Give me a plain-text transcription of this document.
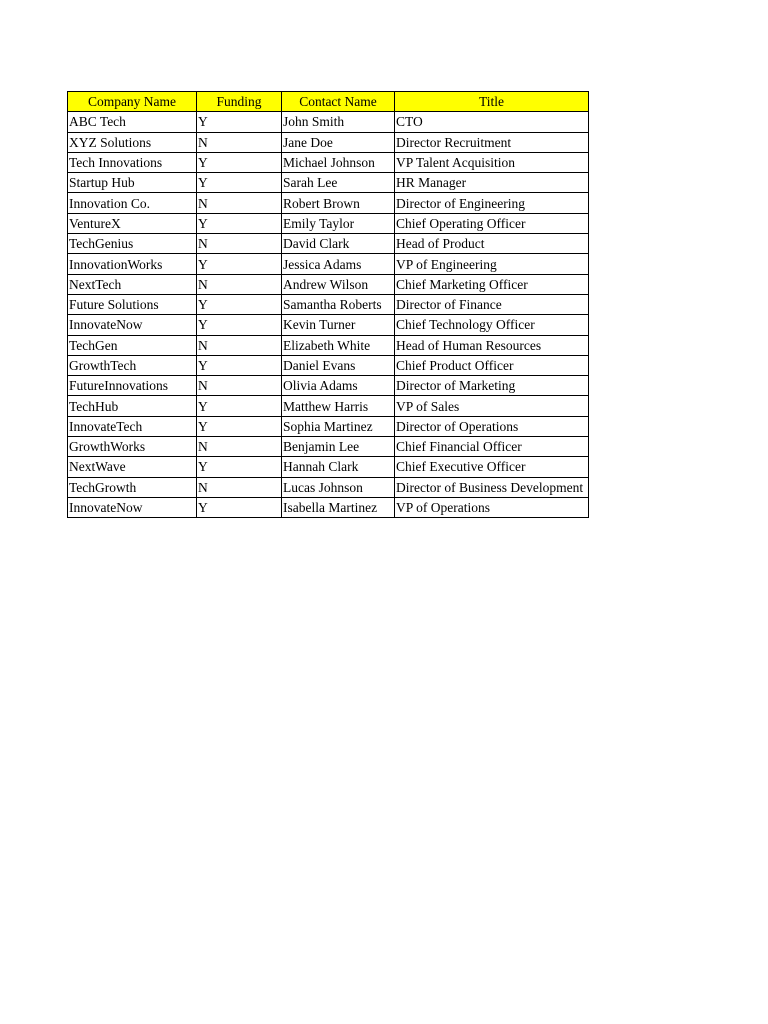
Company Name	Funding	Contact Name	Title
ABC Tech	Y	John Smith	CTO
XYZ Solutions	N	Jane Doe	Director Recruitment
Tech Innovations	Y	Michael Johnson	VP Talent Acquisition
Startup Hub	Y	Sarah Lee	HR Manager
Innovation Co.	N	Robert Brown	Director of Engineering
VentureX	Y	Emily Taylor	Chief Operating Officer
TechGenius	N	David Clark	Head of Product
InnovationWorks	Y	Jessica Adams	VP of Engineering
NextTech	N	Andrew Wilson	Chief Marketing Officer
Future Solutions	Y	Samantha Roberts	Director of Finance
InnovateNow	Y	Kevin Turner	Chief Technology Officer
TechGen	N	Elizabeth White	Head of Human Resources
GrowthTech	Y	Daniel Evans	Chief Product Officer
FutureInnovations	N	Olivia Adams	Director of Marketing
TechHub	Y	Matthew Harris	VP of Sales
InnovateTech	Y	Sophia Martinez	Director of Operations
GrowthWorks	N	Benjamin Lee	Chief Financial Officer
NextWave	Y	Hannah Clark	Chief Executive Officer
TechGrowth	N	Lucas Johnson	Director of Business Development
InnovateNow	Y	Isabella Martinez	VP of Operations
